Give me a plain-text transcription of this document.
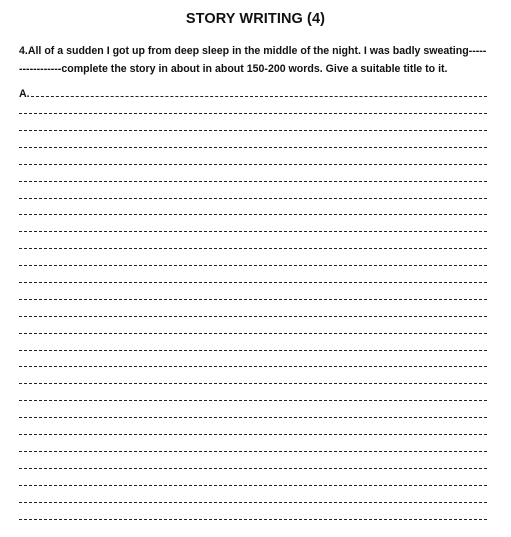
STORY WRITING (4)
4.All of a sudden I got up from deep sleep in the middle of the night. I was badly sweating-----
------------complete the story in about in about 150-200 words. Give a suitable title to it.
A.
